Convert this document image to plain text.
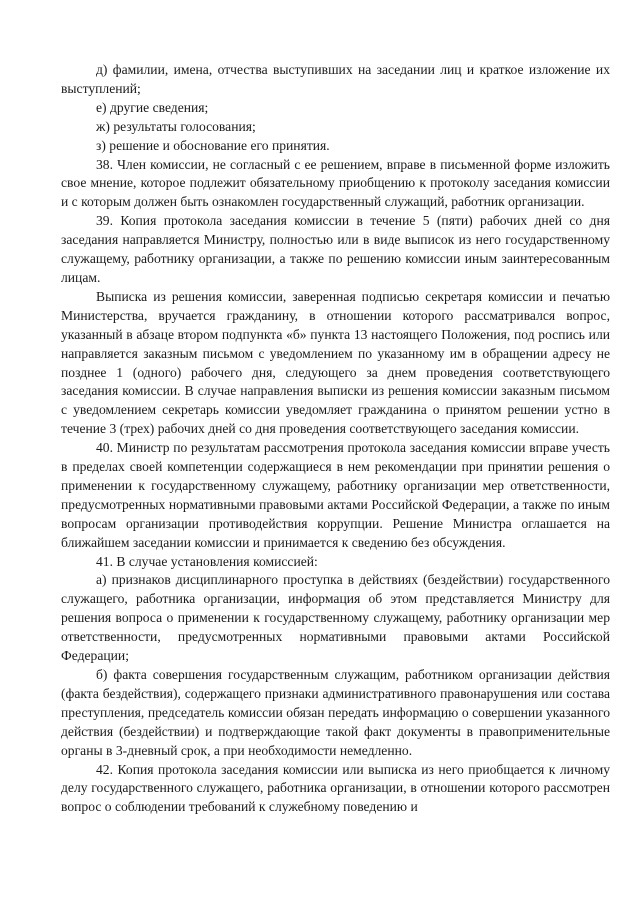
д) фамилии, имена, отчества выступивших на заседании лиц и краткое изложение их выступлений;

е) другие сведения;

ж) результаты голосования;

з) решение и обоснование его принятия.

38. Член комиссии, не согласный с ее решением, вправе в письменной форме изложить свое мнение, которое подлежит обязательному приобщению к протоколу заседания комиссии и с которым должен быть ознакомлен государственный служащий, работник организации.

39. Копия протокола заседания комиссии в течение 5 (пяти) рабочих дней со дня заседания направляется Министру, полностью или в виде выписок из него государственному служащему, работнику организации, а также по решению комиссии иным заинтересованным лицам.

Выписка из решения комиссии, заверенная подписью секретаря комиссии и печатью Министерства, вручается гражданину, в отношении которого рассматривался вопрос, указанный в абзаце втором подпункта «б» пункта 13 настоящего Положения, под роспись или направляется заказным письмом с уведомлением по указанному им в обращении адресу не позднее 1 (одного) рабочего дня, следующего за днем проведения соответствующего заседания комиссии. В случае направления выписки из решения комиссии заказным письмом с уведомлением секретарь комиссии уведомляет гражданина о принятом решении устно в течение 3 (трех) рабочих дней со дня проведения соответствующего заседания комиссии.

40. Министр по результатам рассмотрения протокола заседания комиссии вправе учесть в пределах своей компетенции содержащиеся в нем рекомендации при принятии решения о применении к государственному служащему, работнику организации мер ответственности, предусмотренных нормативными правовыми актами Российской Федерации, а также по иным вопросам организации противодействия коррупции. Решение Министра оглашается на ближайшем заседании комиссии и принимается к сведению без обсуждения.

41. В случае установления комиссией:

а) признаков дисциплинарного проступка в действиях (бездействии) государственного служащего, работника организации, информация об этом представляется Министру для решения вопроса о применении к государственному служащему, работнику организации мер ответственности, предусмотренных нормативными правовыми актами Российской Федерации;

б) факта совершения государственным служащим, работником организации действия (факта бездействия), содержащего признаки административного правонарушения или состава преступления, председатель комиссии обязан передать информацию о совершении указанного действия (бездействии) и подтверждающие такой факт документы в правоприменительные органы в 3-дневный срок, а при необходимости немедленно.

42. Копия протокола заседания комиссии или выписка из него приобщается к личному делу государственного служащего, работника организации, в отношении которого рассмотрен вопрос о соблюдении требований к служебному поведению и
